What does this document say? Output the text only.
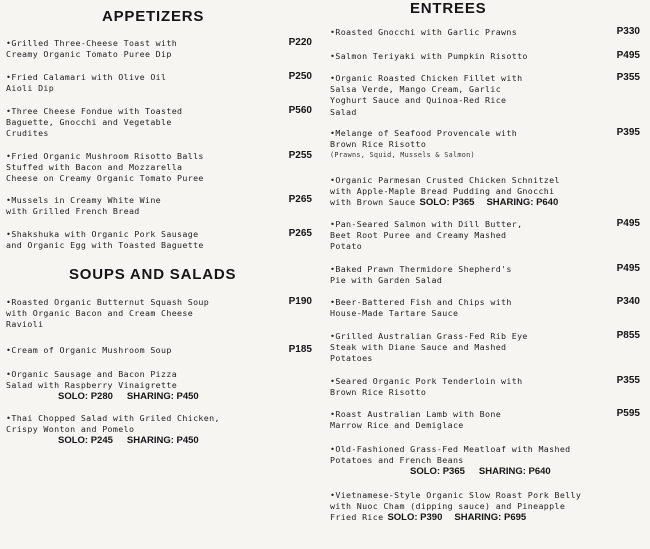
APPETIZERS
•Grilled Three-Cheese Toast with
Creamy Organic Tomato Puree Dip
P220
•Fried Calamari with Olive Oil
Aioli Dip
P250
•Three Cheese Fondue with Toasted
Baguette, Gnocchi and Vegetable
Crudites
P560
•Fried Organic Mushroom Risotto Balls
Stuffed with Bacon and Mozzarella
Cheese on Creamy Organic Tomato Puree
P255
•Mussels in Creamy White Wine
with Grilled French Bread
P265
•Shakshuka with Organic Pork Sausage
and Organic Egg with Toasted Baguette
P265
SOUPS AND SALADS
•Roasted Organic Butternut Squash Soup
with Organic Bacon and Cream Cheese
Ravioli
P190
•Cream of Organic Mushroom Soup	P185
•Organic Sausage and Bacon Pizza
Salad with Raspberry Vinaigrette
SOLO: P280 SHARING: P450
•Thai Chopped Salad with Griled Chicken,
Crispy Wonton and Pomelo
SOLO: P245 SHARING: P450
ENTREES
•Roasted Gnocchi with Garlic Prawns	P330
•Salmon Teriyaki with Pumpkin Risotto	P495
•Organic Roasted Chicken Fillet with
Salsa Verde, Mango Cream, Garlic
Yoghurt Sauce and Quinoa-Red Rice
Salad
P355
•Melange of Seafood Provencale with
Brown Rice Risotto
(Prawns, Squid, Mussels & Salmon)
P395
•Organic Parmesan Crusted Chicken Schnitzel
with Apple-Maple Bread Pudding and Gnocchi
with Brown Sauce SOLO: P365 SHARING: P640
•Pan-Seared Salmon with Dill Butter,
Beet Root Puree and Creamy Mashed
Potato
P495
•Baked Prawn Thermidore Shepherd's
Pie with Garden Salad
P495
•Beer-Battered Fish and Chips with
House-Made Tartare Sauce
P340
•Grilled Australian Grass-Fed Rib Eye
Steak with Diane Sauce and Mashed
Potatoes
P855
•Seared Organic Pork Tenderloin with
Brown Rice Risotto
P355
•Roast Australian Lamb with Bone
Marrow Rice and Demiglace
P595
•Old-Fashioned Grass-Fed Meatloaf with Mashed
Potatoes and French Beans
SOLO: P365 SHARING: P640
•Vietnamese-Style Organic Slow Roast Pork Belly
with Nuoc Cham (dipping sauce) and Pineapple
Fried Rice SOLO: P390 SHARING: P695
